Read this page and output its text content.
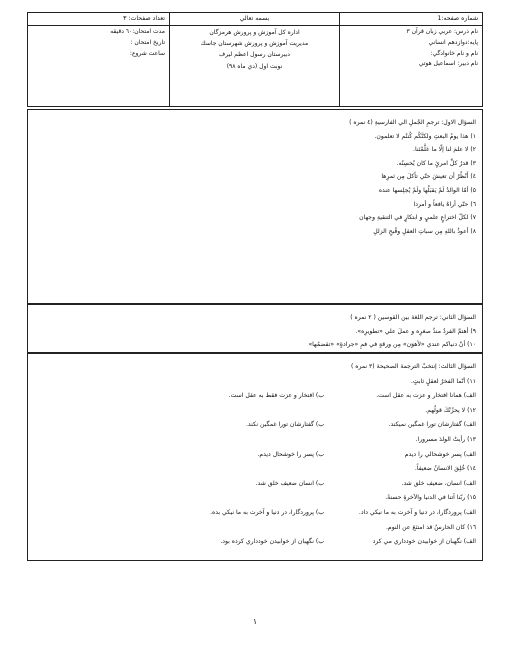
شماره صفحه:1
نام درس: عربي زبان قرآن ٣
پايه:دوازدهم انساني
نام و نام خانوادگي:
نام دبير: اسماعيل هوتي
بسمه تعالي
اداره كل آموزش و پرورش هرمزگان
مديريت آموزش و پرورش شهرستان جاسك
دبيرستان رسول اعظم ليرف
نوبت اول (دي ماه ٩٨)
تعداد صفحات: ٣
مدت امتحان:٦٠ دقيقه
تاريخ امتحان :
ساعت شروع:
السؤال الاول: ترجمِ الجُملِ الي الفارسيةِ (٤ نمره )
١) هذا يومُ البعثِ ولكنَّكُم كُنتُم لا تعلمون.
٢) لا علمَ لنا إلّا ما عَلَّمْتَنا.
٣) قدرُ كلِّ امرئٍ ما كان يُحسِنُه.
٤) أَنْظُرْ أن تعيشَ حتّي تأكلَ مِن ثمرِها
٥) أمّا الوالدُ لَمْ يَقبَلْها ولَمْ يُجلِسها عنده
٦) حتّي أراهُ يافعاً و أمردا
٧) لكلّ اختراعٍ علميٍ و ابتكارٍ في التنقيةِ وجهان
٨) أعوذُ باللهِ مِن سباتِ العقلِ وقُبحِ الزللِ
السؤال الثاني: ترجم اللغةَ بين القوسين ( ٢ نمره )
٩) أهتمَّ الفردُ منذُ صغرِه و عملَ علي «تطويرِه».
١٠) أنّ دنياكم عندي «لأهوَن» مِن ورقةٍ في فمِ «جرادةٍ» «تقضمُها»
السؤال الثالث: إنتخبْ الترجمةَ الصحيحةَ (٣ نمره )
١١) أنّما الفخرُ لعقلٍ ثابتٍ.
الف) همانا افتخار و عزت به عقل است.
ب) افتخار و عزت فقط به عقل است.
١٢) لا يحزُنْكَ قولُهم.
الف) گفتارشان تورا غمگين نميكند.
ب) گفتارشان تورا غمگين نكند.
١٣) رأيتُ الولدَ مسرورا.
الف) پسر خوشحالي را ديدم
ب) پسر را خوشحال ديدم.
١٤) خُلِقَ الانسانُ ضعيفاً.
الف) انسان، ضعيف خلق شد.
ب) انسان ضعيف خلق شد.
١٥) ربّنا آتنا في الدنيا والآخرةِ حسنةً.
الف) پروردگارا، در دنيا و آخرت به ما نيكي داد.
ب) پروردگارا، در دنيا و آخرت به ما نيكي بده.
١٦) كان الحارسُ قد امتنَعَ عن النوم.
الف) نگهبان از خوابيدن خودداري مي كرد
ب) نگهبان از خوابيدن خودداري كرده بود.
١
